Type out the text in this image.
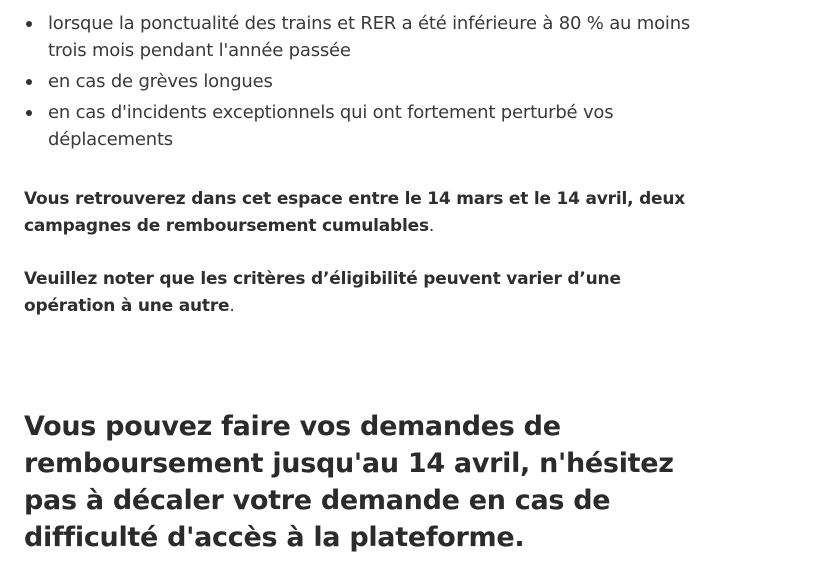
lorsque la ponctualité des trains et RER a été inférieure à 80 % au moins trois mois pendant l'année passée
en cas de grèves longues
en cas d'incidents exceptionnels qui ont fortement perturbé vos déplacements

Vous retrouverez dans cet espace entre le 14 mars et le 14 avril, deux campagnes de remboursement cumulables.

Veuillez noter que les critères d’éligibilité peuvent varier d’une opération à une autre.

Vous pouvez faire vos demandes de remboursement jusqu'au 14 avril, n'hésitez pas à décaler votre demande en cas de difficulté d'accès à la plateforme.
